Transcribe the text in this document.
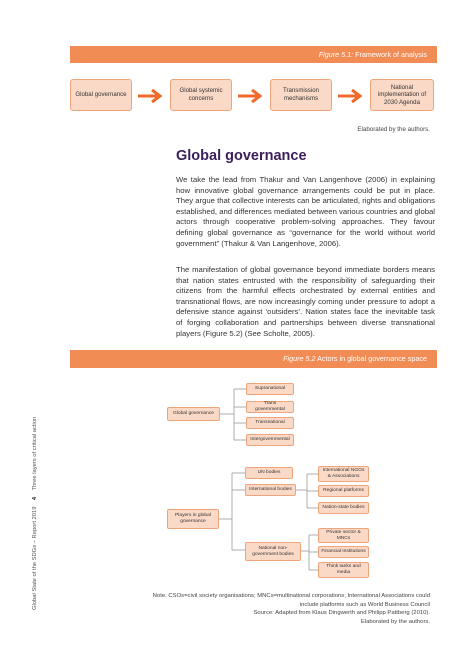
Figure 5.1: Framework of analysis
Global governance
Global systemic concerns
Transmission mechanisms
National implementation of 2030 Agenda
Elaborated by the authors.
Global governance

We take the lead from Thakur and Van Langenhove (2006) in explaining how innovative global governance arrangements could be put in place. They argue that collective interests can be articulated, rights and obligations established, and differences mediated between various countries and global actors through cooperative problem-solving approaches. They favour defining global governance as “governance for the world without world government” (Thakur & Van Langenhove, 2006).

The manifestation of global governance beyond immediate borders means that nation states entrusted with the responsibility of safeguarding their citizens from the harmful effects orchestrated by external entities and transnational flows, are now increasingly coming under pressure to adopt a defensive stance against ‘outsiders’. Nation states face the inevitable task of forging collaboration and partnerships between diverse transnational players (Figure 5.2) (See Scholte, 2005).

Figure 5.2 Actors in global governance space
Global governance
Supranational
Trans governmental
Transnational
Intergovernmental
Players in global governance
UN bodies
International bodies
National non-government bodies
International NGOs & Associations
Regional platforms
Nation-state bodies
Private sector & MNCs
Financial Institutions
Think tanks and media
Note. CSOs=civil society organisations; MNCs=multinational corporations; International Associations could
include platforms such as World Business Council
Source: Adapted from Klaus Dingwerth and Philipp Pattberg (2010).
Elaborated by the authors.
Global State of the SDGs – Report 2019    4    Three layers of critical action
